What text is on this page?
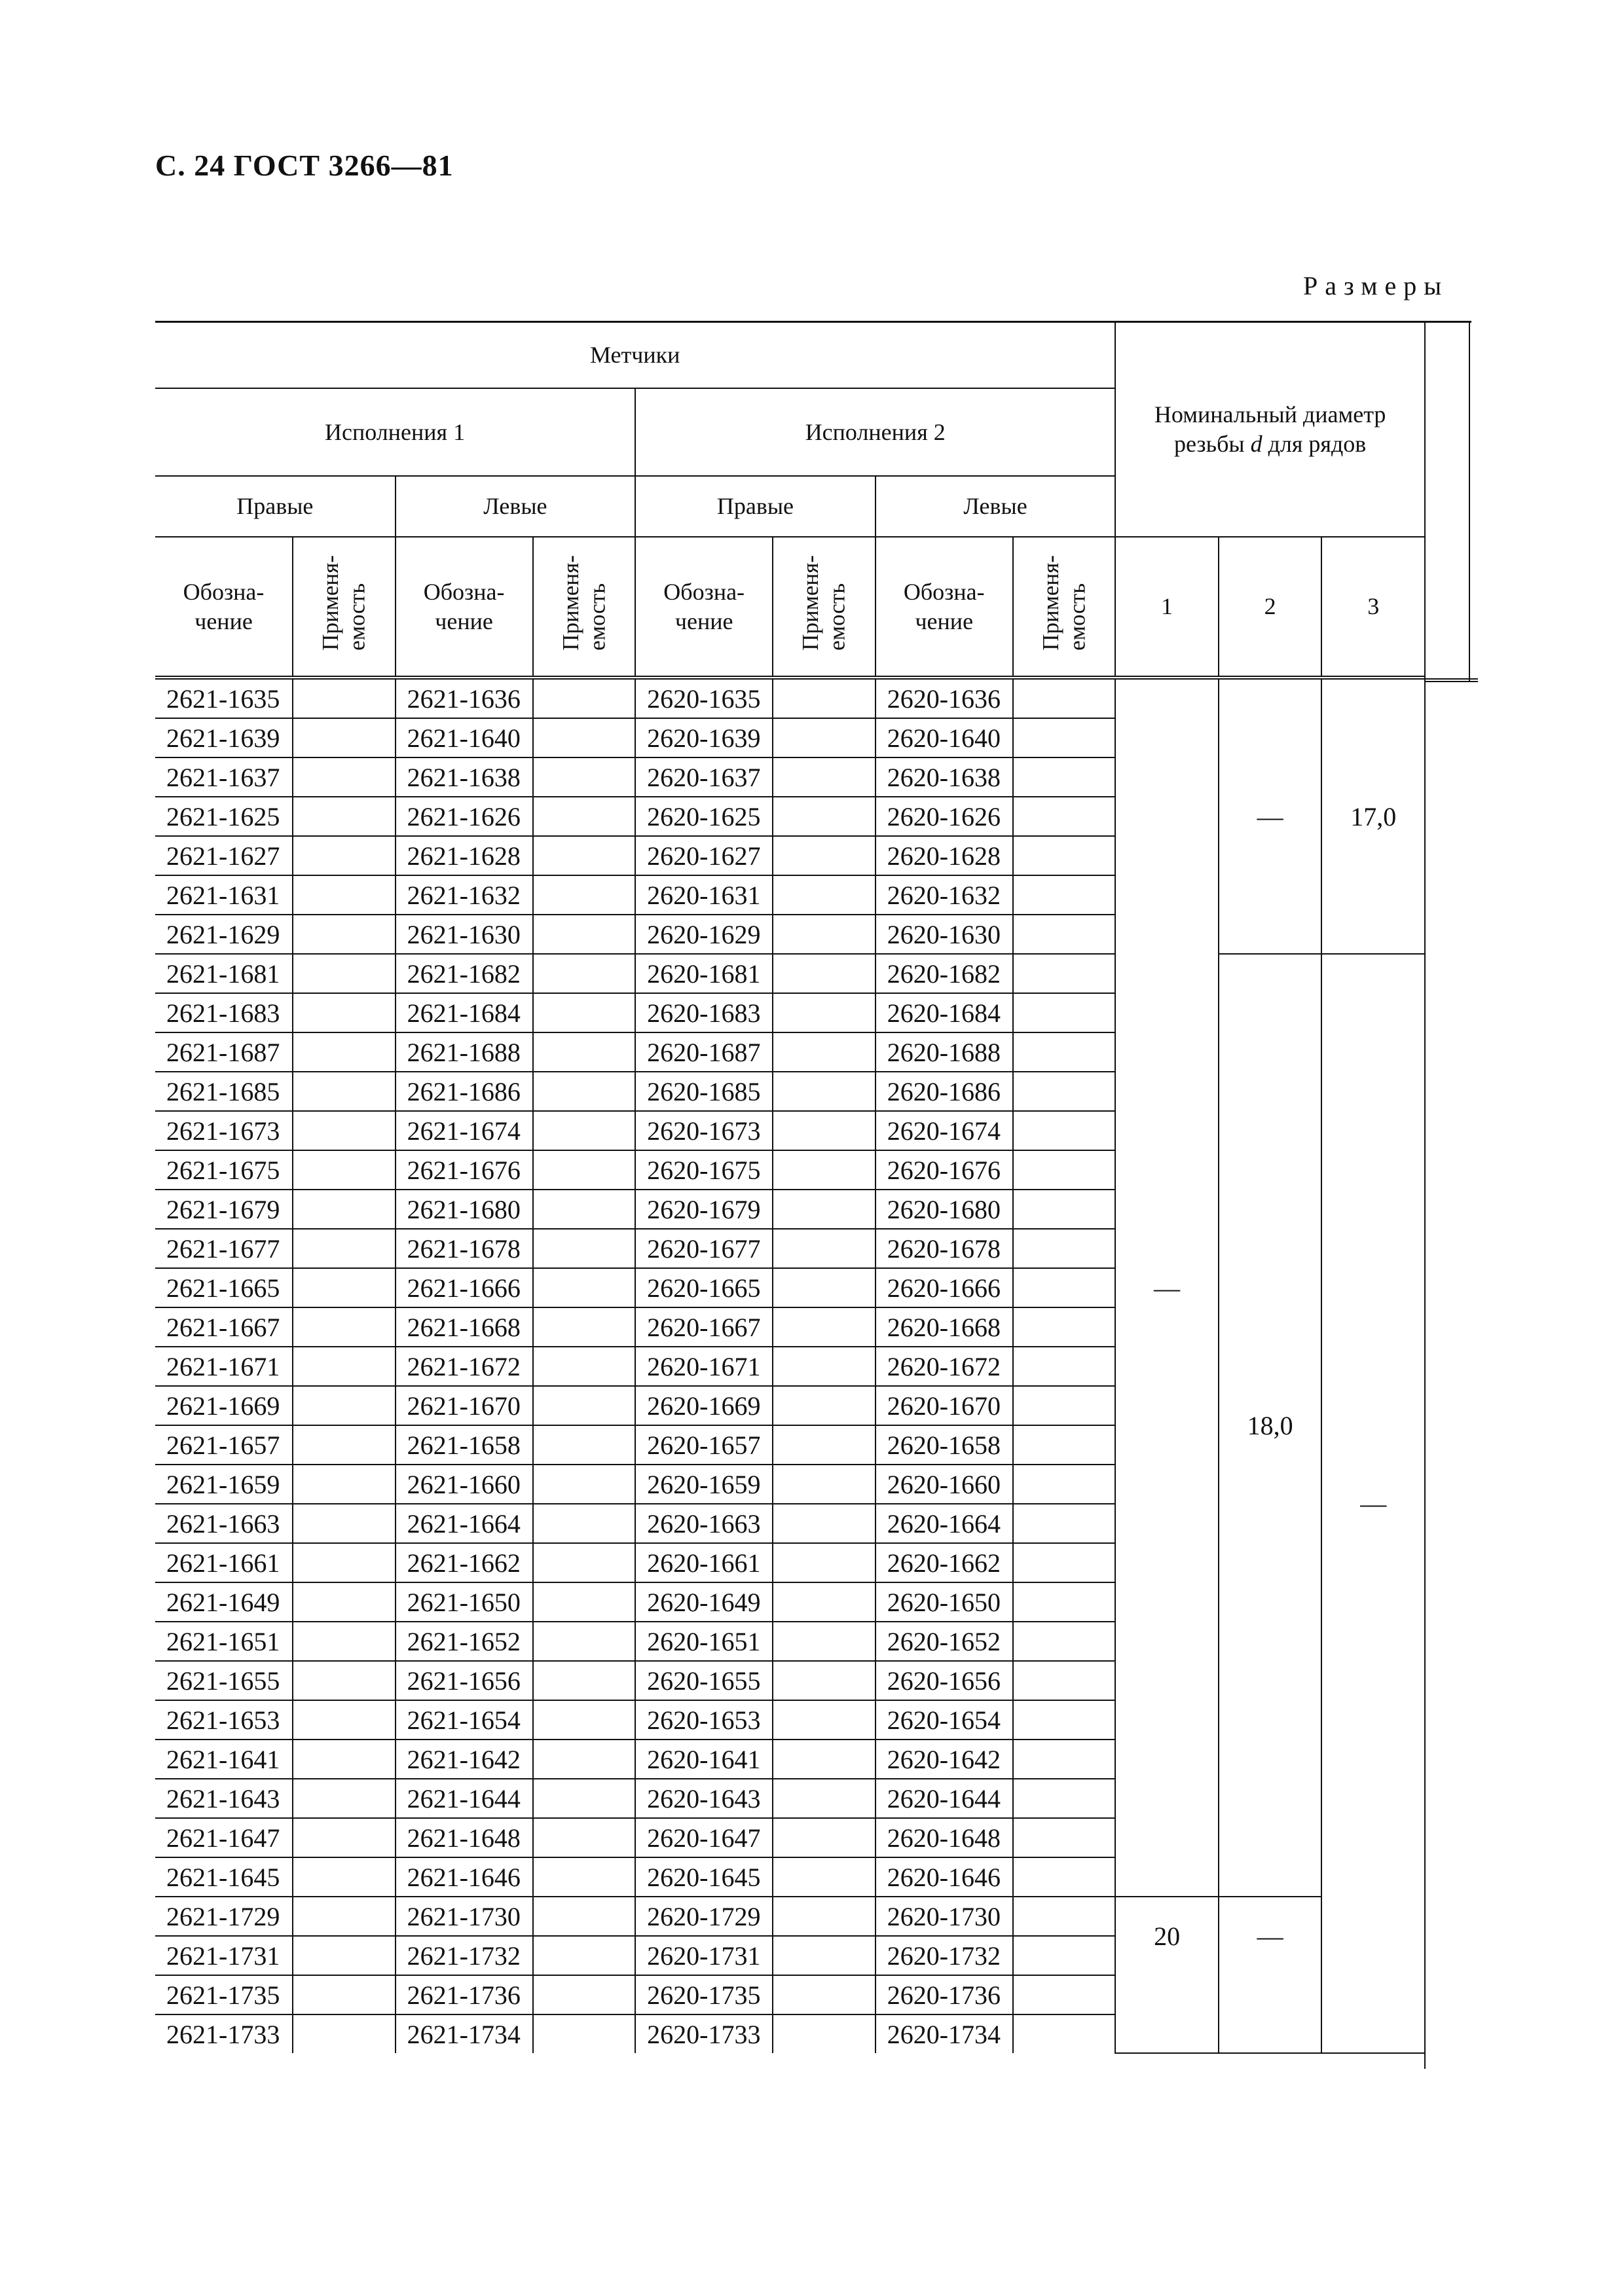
С. 24 ГОСТ 3266—81
Размеры
Метчики								Номинальный диаметр
резьбы d для рядов		
Исполнения 1				Исполнения 2						
Правые		Левые		Правые		Левые				
Обозна-
чение	Применя-
емость	Обозна-
чение	Применя-
емость	Обозна-
чение	Применя-
емость	Обозна-
чение	Применя-
емость	1	2	3
2621-1635		2621-1636		2620-1635		2620-1636		—	—	17,0
2621-1639		2621-1640		2620-1639		2620-1640				
2621-1637		2621-1638		2620-1637		2620-1638				
2621-1625		2621-1626		2620-1625		2620-1626				
2621-1627		2621-1628		2620-1627		2620-1628				
2621-1631		2621-1632		2620-1631		2620-1632				
2621-1629		2621-1630		2620-1629		2620-1630				
2621-1681		2621-1682		2620-1681		2620-1682			18,0	—
2621-1683		2621-1684		2620-1683		2620-1684				
2621-1687		2621-1688		2620-1687		2620-1688				
2621-1685		2621-1686		2620-1685		2620-1686				
2621-1673		2621-1674		2620-1673		2620-1674				
2621-1675		2621-1676		2620-1675		2620-1676				
2621-1679		2621-1680		2620-1679		2620-1680				
2621-1677		2621-1678		2620-1677		2620-1678				
2621-1665		2621-1666		2620-1665		2620-1666				
2621-1667		2621-1668		2620-1667		2620-1668				
2621-1671		2621-1672		2620-1671		2620-1672				
2621-1669		2621-1670		2620-1669		2620-1670				
2621-1657		2621-1658		2620-1657		2620-1658				
2621-1659		2621-1660		2620-1659		2620-1660				
2621-1663		2621-1664		2620-1663		2620-1664				
2621-1661		2621-1662		2620-1661		2620-1662				
2621-1649		2621-1650		2620-1649		2620-1650				
2621-1651		2621-1652		2620-1651		2620-1652				
2621-1655		2621-1656		2620-1655		2620-1656				
2621-1653		2621-1654		2620-1653		2620-1654				
2621-1641		2621-1642		2620-1641		2620-1642				
2621-1643		2621-1644		2620-1643		2620-1644				
2621-1647		2621-1648		2620-1647		2620-1648				
2621-1645		2621-1646		2620-1645		2620-1646				
2621-1729		2621-1730		2620-1729		2620-1730		20	—	
2621-1731		2621-1732		2620-1731		2620-1732				
2621-1735		2621-1736		2620-1735		2620-1736				
2621-1733		2621-1734		2620-1733		2620-1734				
